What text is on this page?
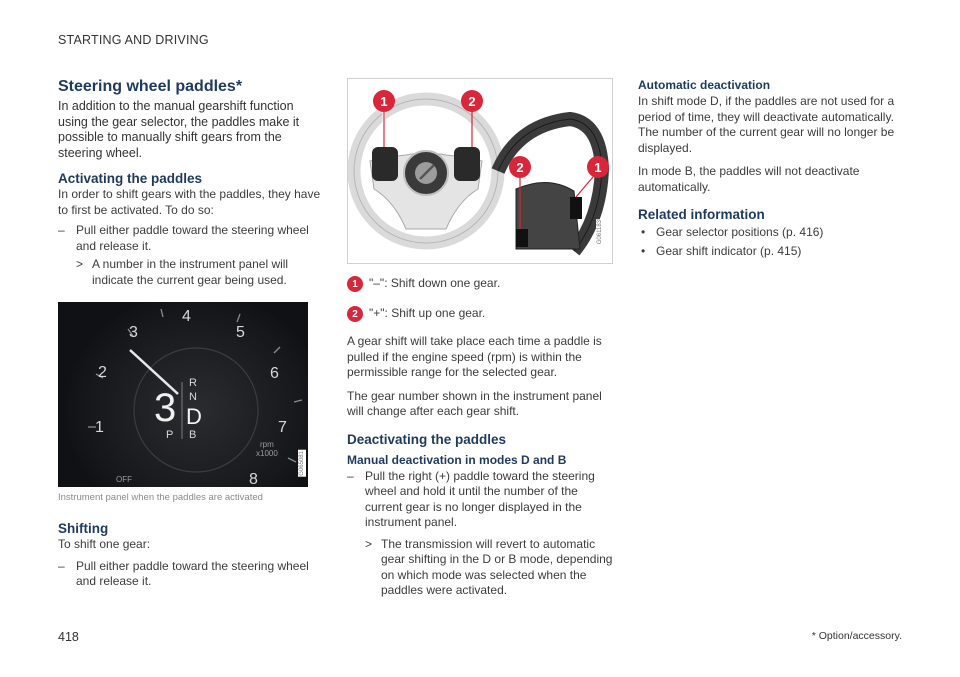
STARTING AND DRIVING
Steering wheel paddles*

In addition to the manual gearshift function using the gear selector, the paddles make it possible to manually shift gears from the steering wheel.

Activating the paddles

In order to shift gears with the paddles, they have to first be activated. To do so:

– Pull either paddle toward the steering wheel and release it.
> A number in the instrument panel will indicate the current gear being used.
1
2
3
4
5
6
7
8
3
R
N
D
P B
rpm
x1000
OFF
G065081
Instrument panel when the paddles are activated
Shifting

To shift one gear:

– Pull either paddle toward the steering wheel and release it.
1	2
2	1
G061183
1 "–": Shift down one gear.
2 "+": Shift up one gear.

A gear shift will take place each time a paddle is pulled if the engine speed (rpm) is within the permissible range for the selected gear.

The gear number shown in the instrument panel will change after each gear shift.

Deactivating the paddles
Manual deactivation in modes D and B
– Pull the right (+) paddle toward the steering wheel and hold it until the number of the current gear is no longer displayed in the instrument panel.
> The transmission will revert to automatic gear shifting in the D or B mode, depending on which mode was selected when the paddles were activated.
Automatic deactivation

In shift mode D, if the paddles are not used for a period of time, they will deactivate automatically. The number of the current gear will no longer be displayed.

In mode B, the paddles will not deactivate automatically.

Related information
• Gear selector positions (p. 416)
• Gear shift indicator (p. 415)
418	* Option/accessory.
